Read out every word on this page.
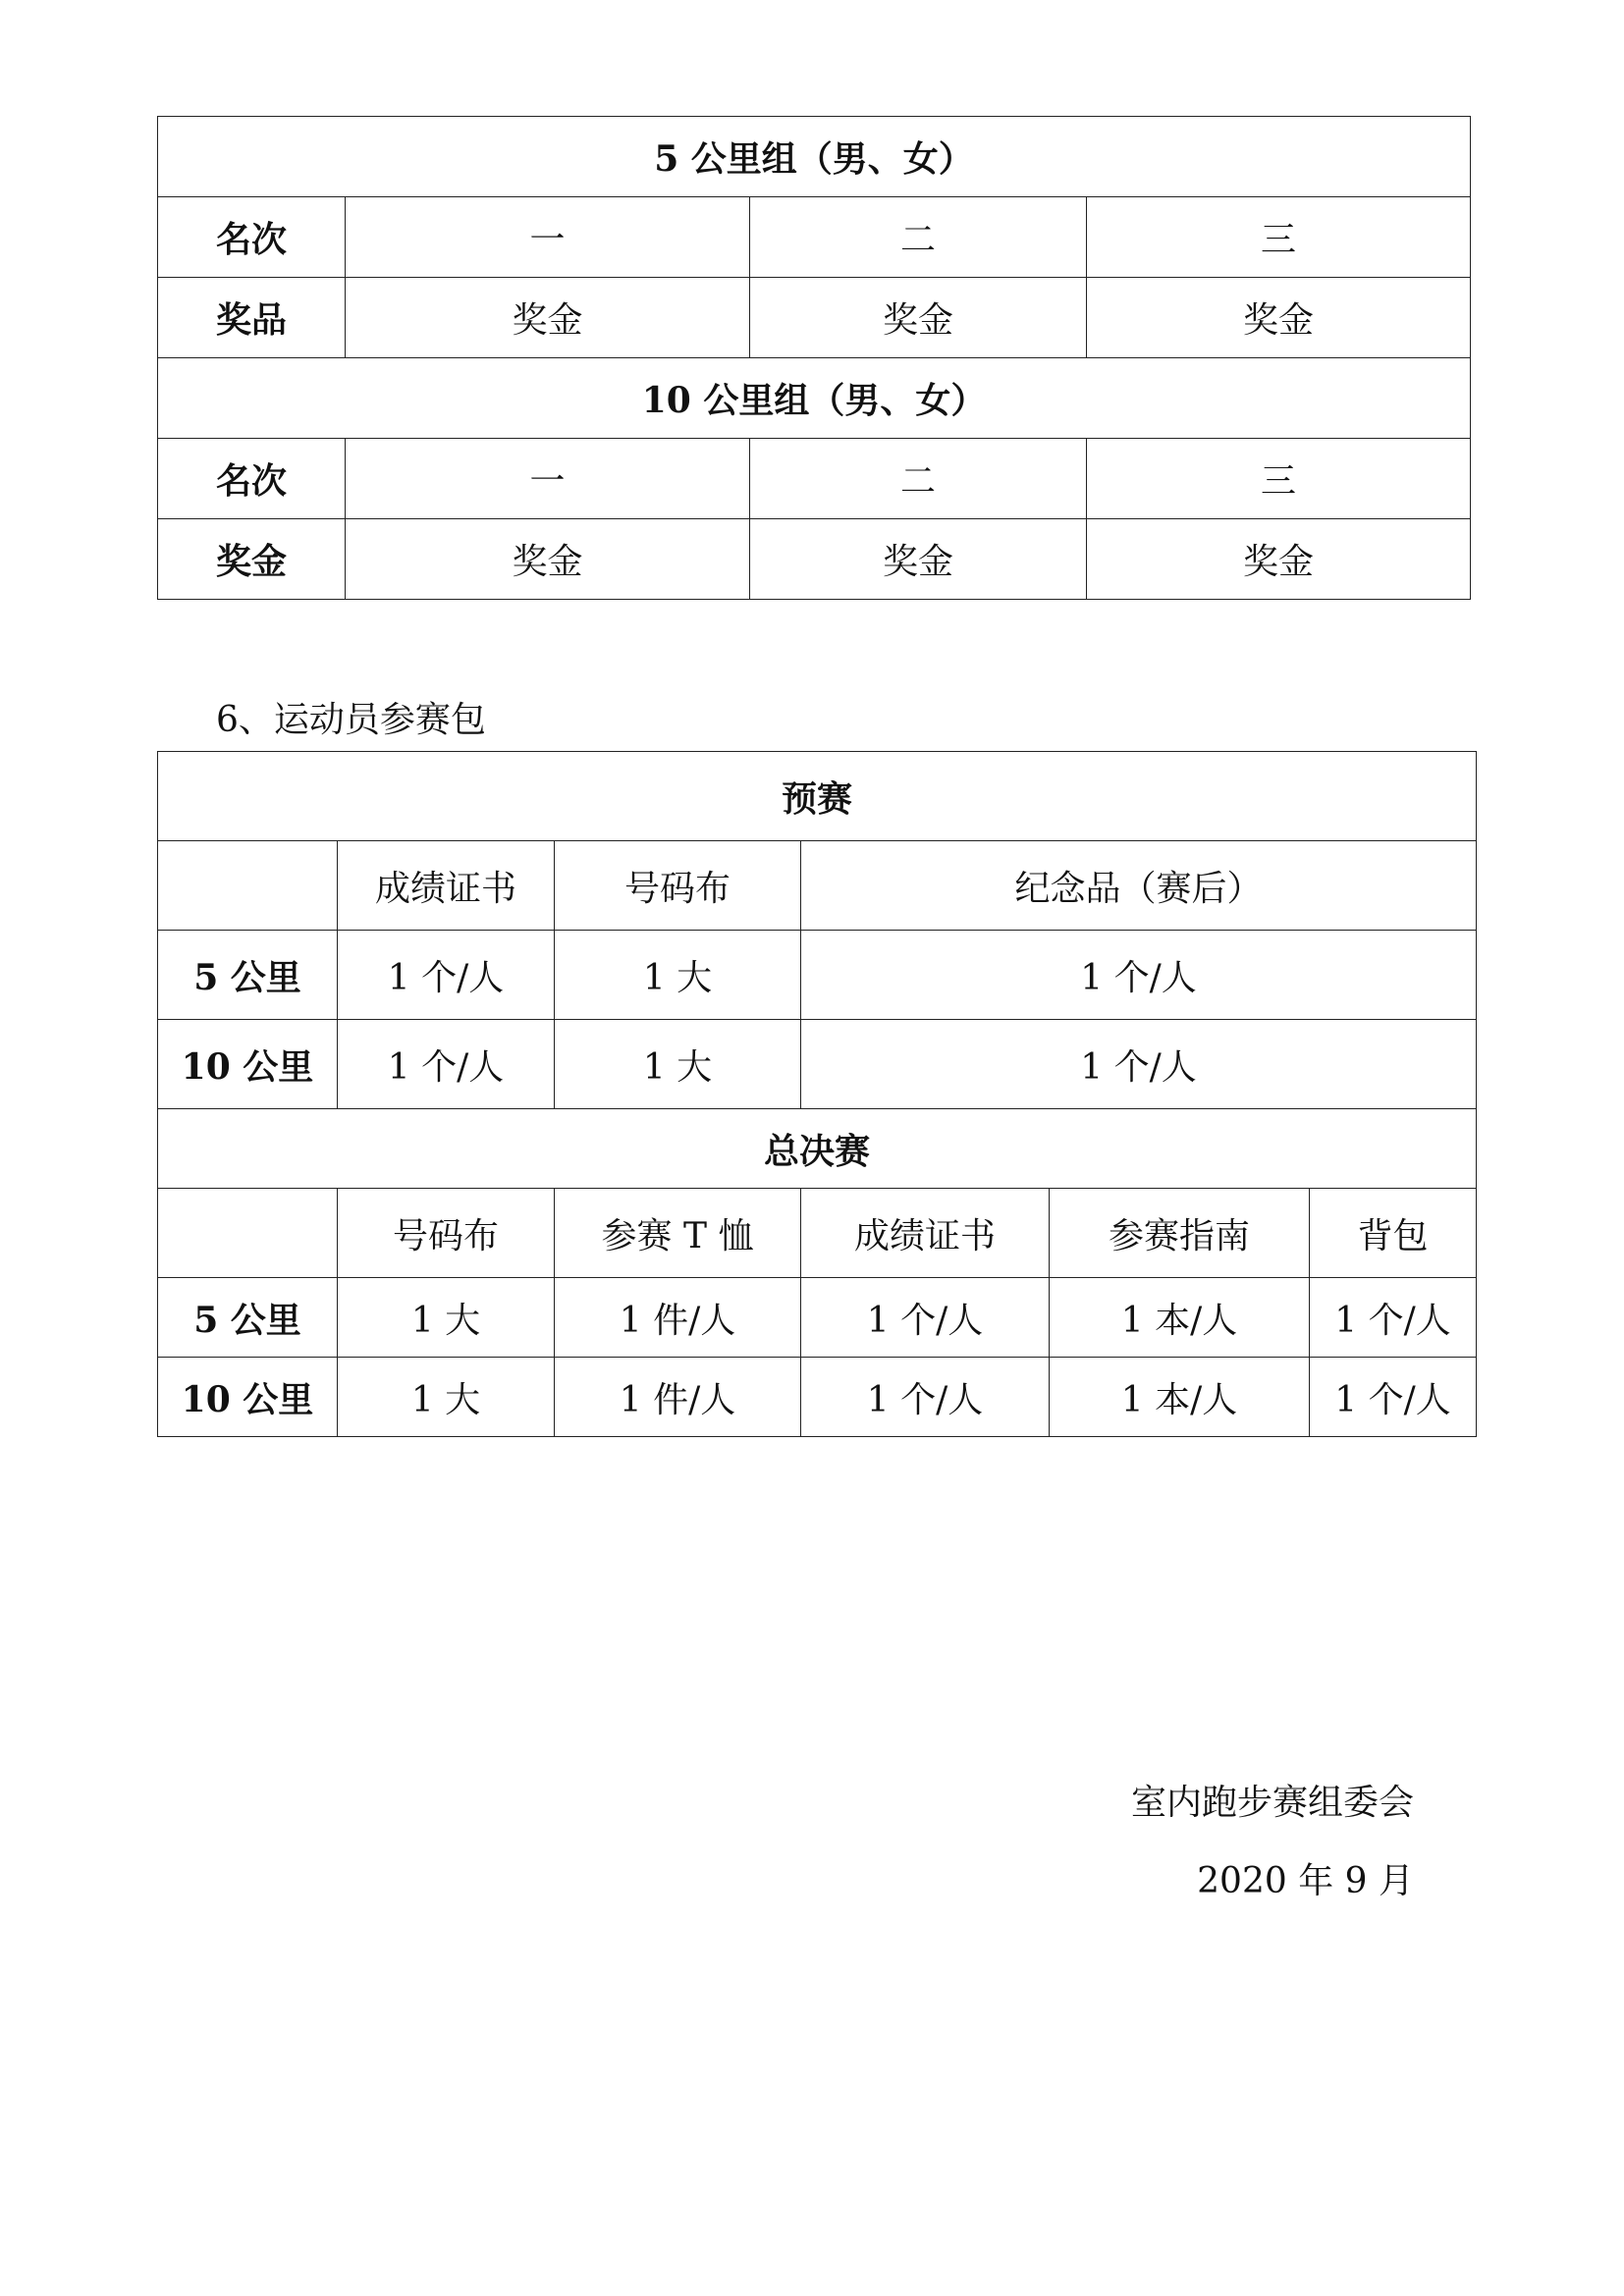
5 公里组（男、女）			
名次	一	二	三
奖品	奖金	奖金	奖金
10 公里组（男、女）			
名次	一	二	三
奖金	奖金	奖金	奖金
6、运动员参赛包
预赛					
	成绩证书	号码布	纪念品（赛后）		
5 公里	1 个/人	1 大	1 个/人		
10 公里	1 个/人	1 大	1 个/人		
总决赛					
	号码布	参赛 T 恤	成绩证书	参赛指南	背包
5 公里	1 大	1 件/人	1 个/人	1 本/人	1 个/人
10 公里	1 大	1 件/人	1 个/人	1 本/人	1 个/人
室内跑步赛组委会
2020 年 9 月
